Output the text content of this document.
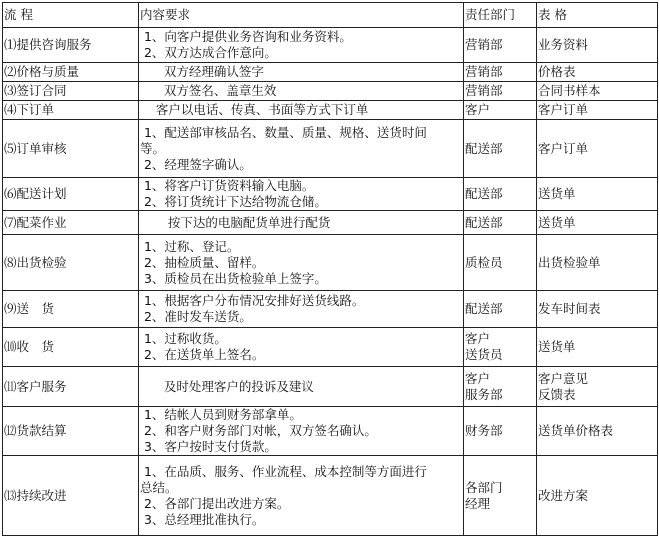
流 程	内容要求	责任部门	表 格
⑴提供咨询服务	1、向客户提供业务咨询和业务资料。
2、双方达成合作意向。	营销部	业务资料

⑵价格与质量	双方经理确认签字	营销部	价格表

⑶签订合同	双方签名、盖章生效	营销部	合同书样本

⑷下订单	客户以电话、传真、书面等方式下订单	客户	客户订单

⑸订单审核	1、配送部审核品名、数量、质量、规格、送货时间
等。
2、经理签字确认。	配送部	客户订单

⑹配送计划	1、将客户订货资料输入电脑。
2、将订货统计下达给物流仓储。	配送部	送货单

⑺配菜作业	按下达的电脑配货单进行配货	配送部	送货单

⑻出货检验	1、过称、登记。
2、抽检质量、留样。
3、质检员在出货检验单上签字。	质检员	出货检验单

⑼送　货	1、根据客户分布情况安排好送货线路。
2、准时发车送货。	配送部	发车时间表

⑽收　货	1、过称收货。
2、在送货单上签名。	客户
送货员	送货单

⑾客户服务	及时处理客户的投诉及建议	客户
服务部	客户意见
反馈表

⑿货款结算	1、结帐人员到财务部拿单。
2、和客户财务部门对帐，双方签名确认。
3、客户按时支付货款。	财务部	送货单价格表

⒀持续改进	1、在品质、服务、作业流程、成本控制等方面进行
总结。
2、各部门提出改进方案。
3、总经理批准执行。	各部门
经理	改进方案
